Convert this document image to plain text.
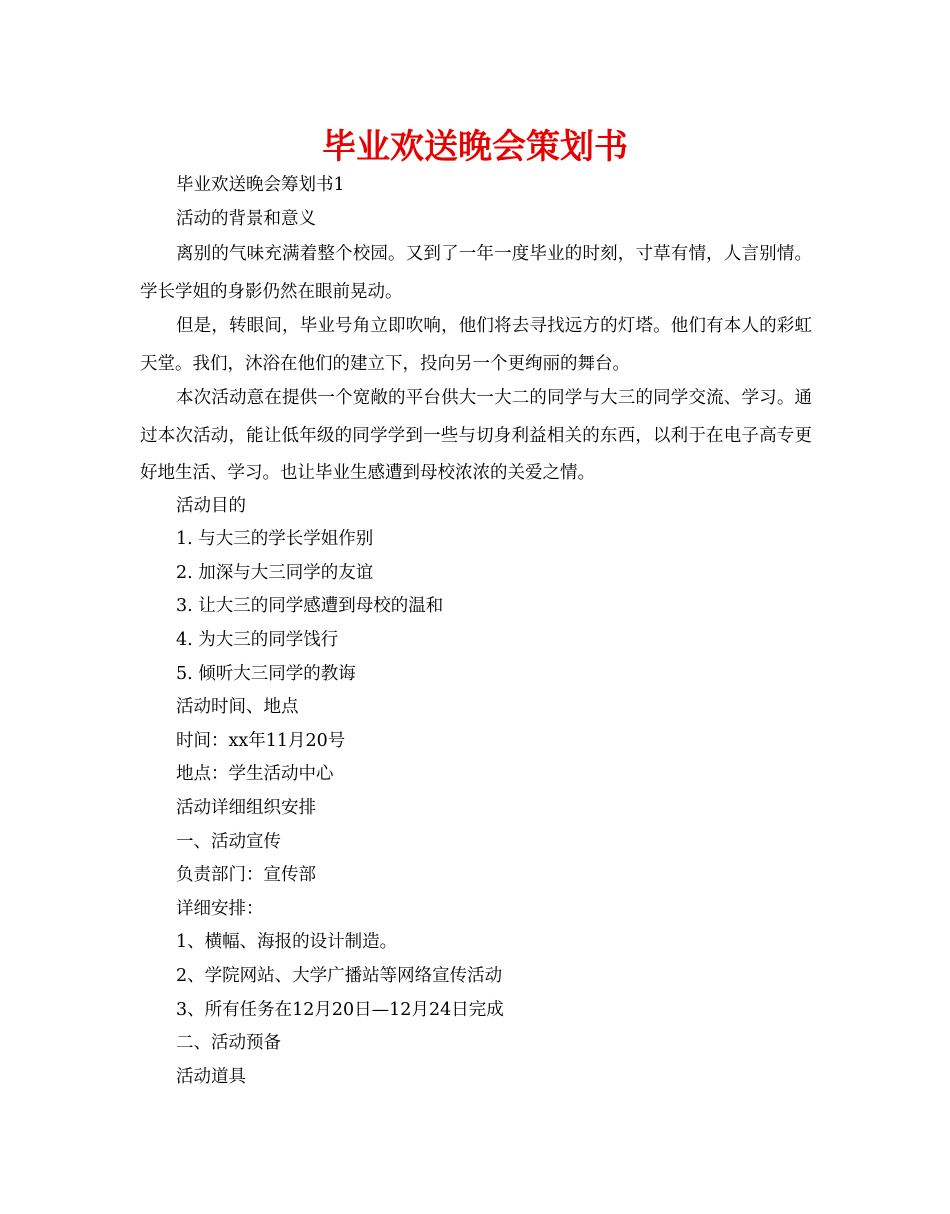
毕业欢送晚会策划书
毕业欢送晚会筹划书1
活动的背景和意义
离别的气味充满着整个校园。又到了一年一度毕业的时刻，寸草有情，人言别情。学长学姐的身影仍然在眼前晃动。
但是，转眼间，毕业号角立即吹响，他们将去寻找远方的灯塔。他们有本人的彩虹天堂。我们，沐浴在他们的建立下，投向另一个更绚丽的舞台。
本次活动意在提供一个宽敞的平台供大一大二的同学与大三的同学交流、学习。通过本次活动，能让低年级的同学学到一些与切身利益相关的东西，以利于在电子高专更好地生活、学习。也让毕业生感遭到母校浓浓的关爱之情。
活动目的
1. 与大三的学长学姐作别
2. 加深与大三同学的友谊
3. 让大三的同学感遭到母校的温和
4. 为大三的同学饯行
5. 倾听大三同学的教诲
活动时间、地点
时间：xx年11月20号
地点：学生活动中心
活动详细组织安排
一、活动宣传
负责部门：宣传部
详细安排：
1、横幅、海报的设计制造。
2、学院网站、大学广播站等网络宣传活动
3、所有任务在12月20日—12月24日完成
二、活动预备
活动道具
